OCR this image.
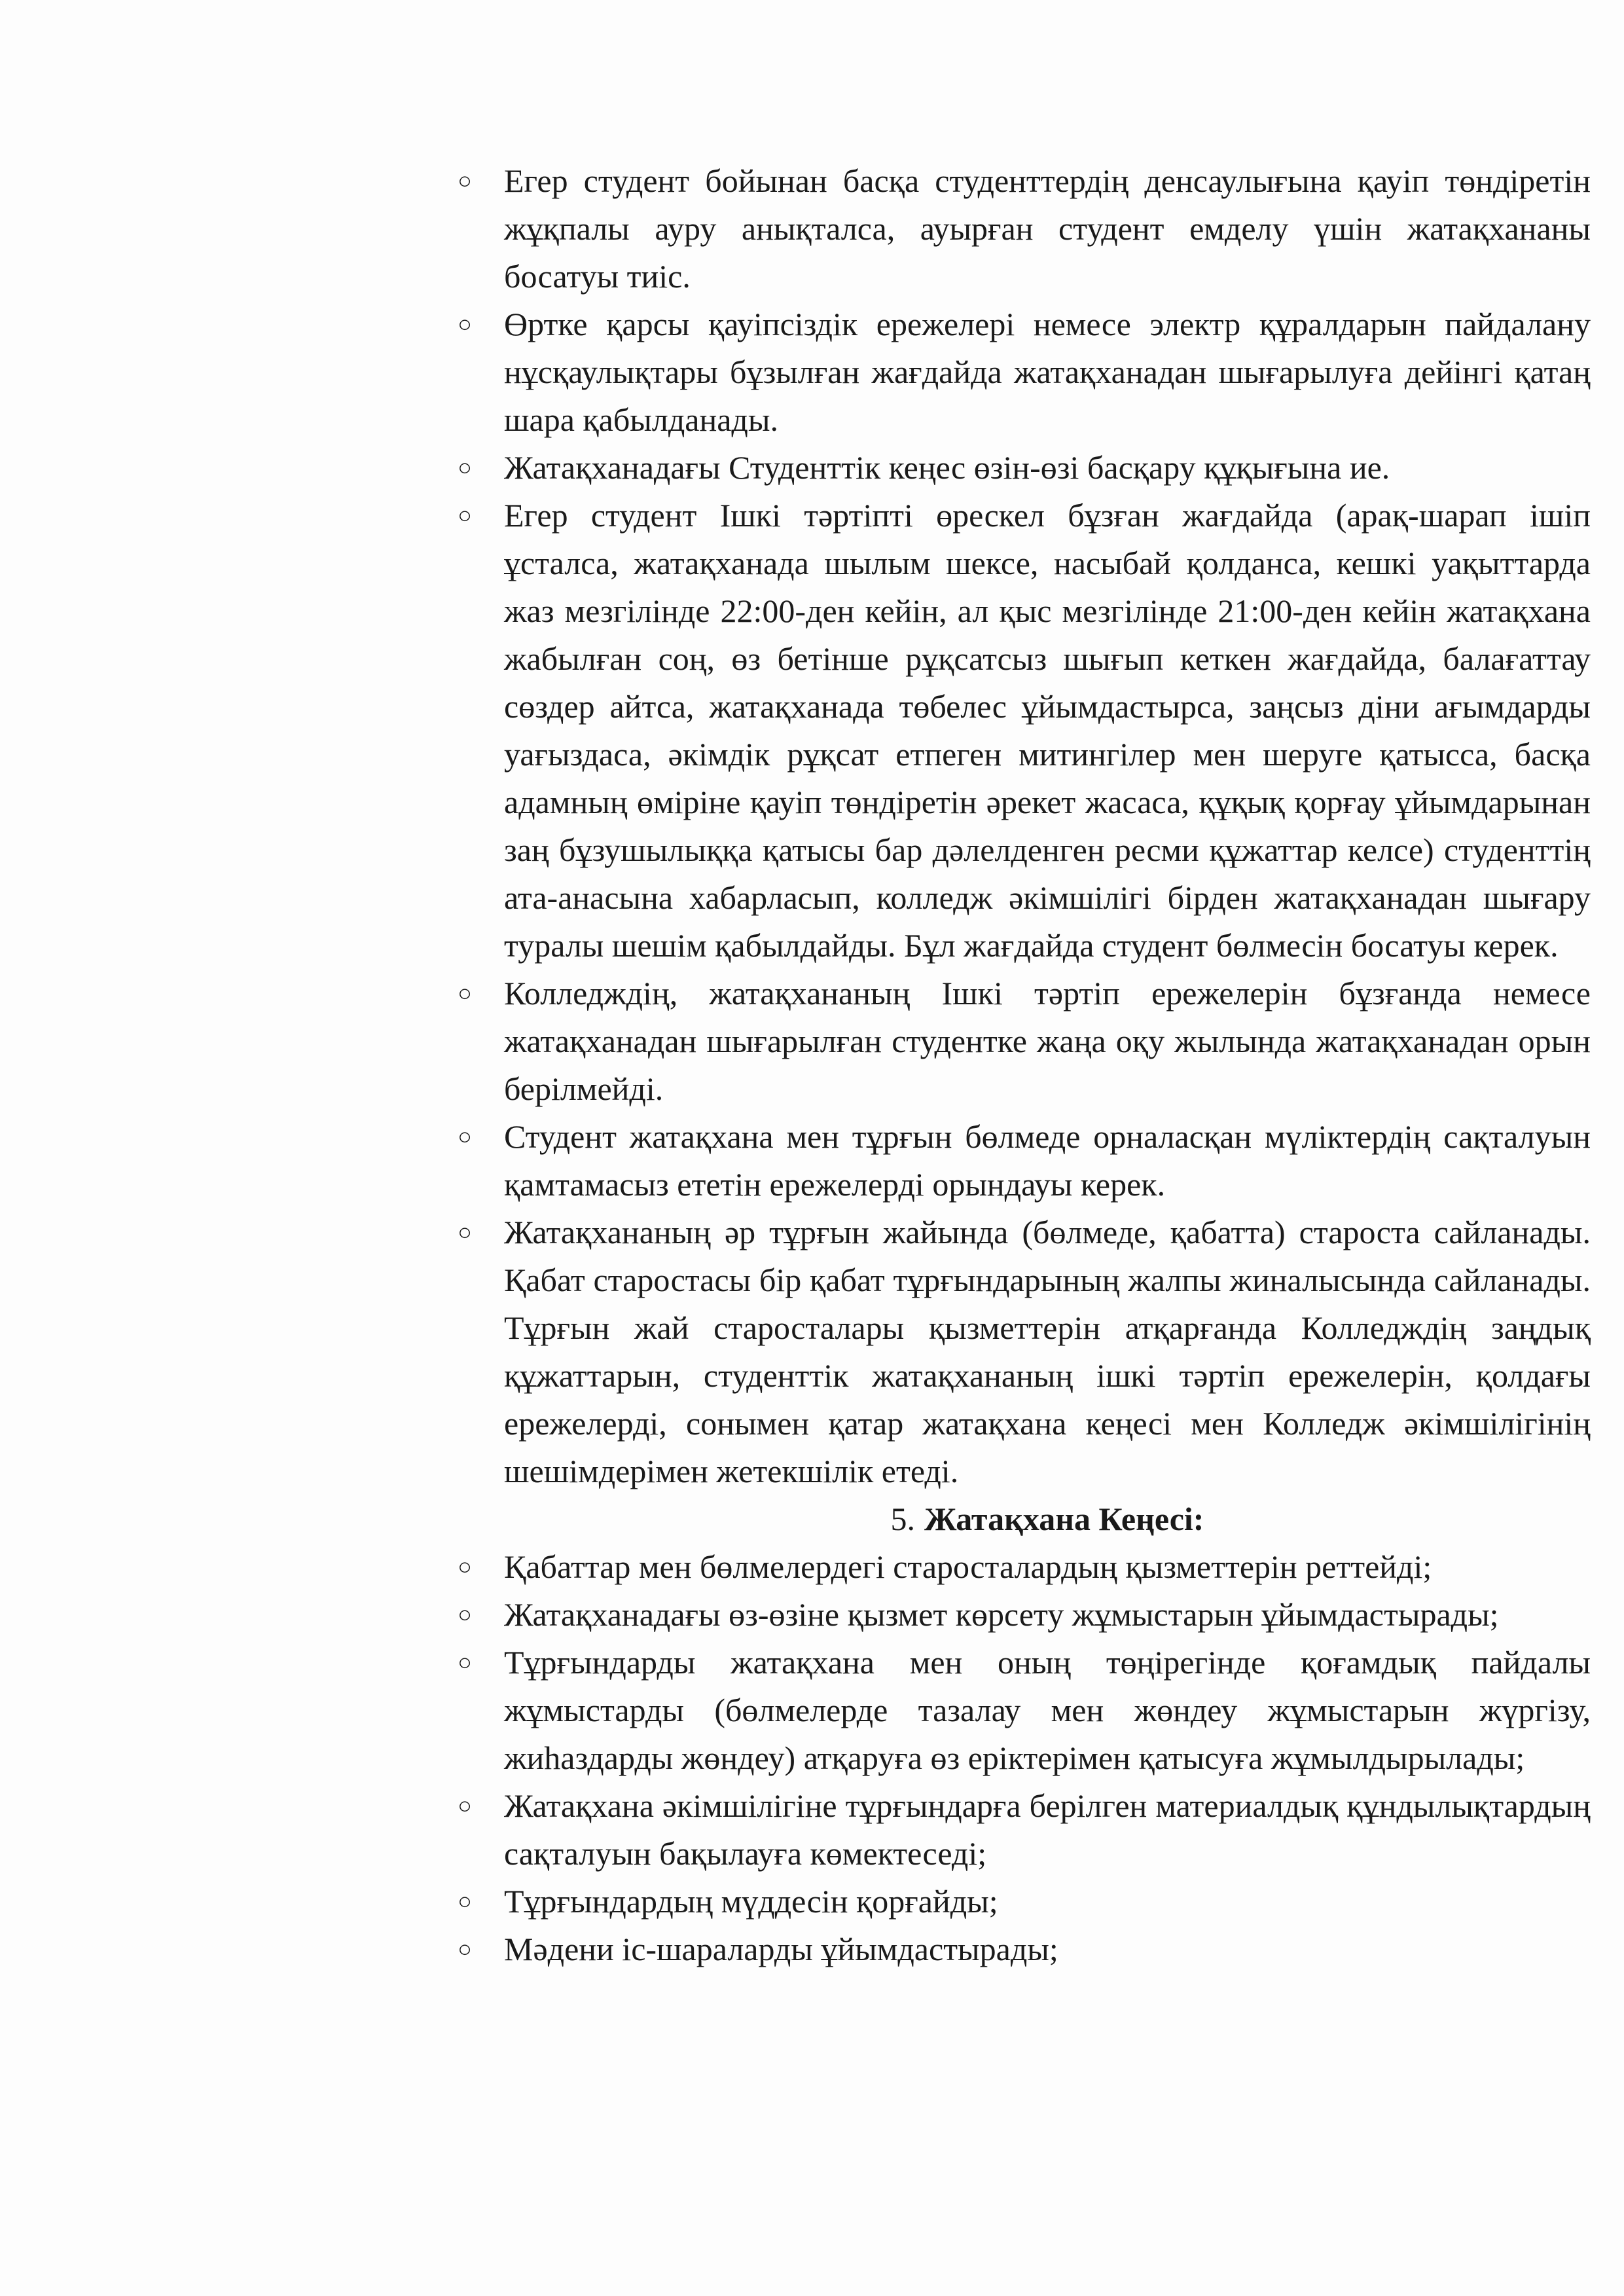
○ Егер студент бойынан басқа студенттердің денсаулығына қауіп төндіретін жұқпалы ауру анықталса, ауырған студент емделу үшін жатақхананы босатуы тиіс.
○ Өртке қарсы қауіпсіздік ережелері немесе электр құралдарын пайдалану нұсқаулықтары бұзылған жағдайда жатақханадан шығарылуға дейінгі қатаң шара қабылданады.
○ Жатақханадағы Студенттік кеңес өзін-өзі басқару құқығына ие.
○ Егер студент Ішкі тәртіпті өрескел бұзған жағдайда (арақ-шарап ішіп ұсталса, жатақханада шылым шексе, насыбай қолданса, кешкі уақыттарда жаз мезгілінде 22:00-ден кейін, ал қыс мезгілінде 21:00-ден кейін жатақхана жабылған соң, өз бетінше рұқсатсыз шығып кеткен жағдайда, балағаттау сөздер айтса, жатақханада төбелес ұйымдастырса, заңсыз діни ағымдарды уағыздаса, әкімдік рұқсат етпеген митингілер мен шеруге қатысса, басқа адамның өміріне қауіп төндіретін әрекет жасаса, құқық қорғау ұйымдарынан заң бұзушылыққа қатысы бар дәлелденген ресми құжаттар келсе) студенттің ата-анасына хабарласып, колледж әкімшілігі бірден жатақханадан шығару туралы шешім қабылдайды. Бұл жағдайда студент бөлмесін босатуы керек.
○ Колледждің, жатақхананың Ішкі тәртіп ережелерін бұзғанда немесе жатақханадан шығарылған студентке жаңа оқу жылында жатақханадан орын берілмейді.
○ Студент жатақхана мен тұрғын бөлмеде орналасқан мүліктердің сақталуын қамтамасыз ететін ережелерді орындауы керек.
○ Жатақхананың әр тұрғын жайында (бөлмеде, қабатта) староста сайланады. Қабат старостасы бір қабат тұрғындарының жалпы жиналысында сайланады. Тұрғын жай старосталары қызметтерін атқарғанда Колледждің заңдық құжаттарын, студенттік жатақхананың ішкі тәртіп ережелерін, қолдағы ережелерді, сонымен қатар жатақхана кеңесі мен Колледж әкімшілігінің шешімдерімен жетекшілік етеді.
5. Жатақхана Кеңесі:
○ Қабаттар мен бөлмелердегі старосталардың қызметтерін реттейді;
○ Жатақханадағы өз-өзіне қызмет көрсету жұмыстарын ұйымдастырады;
○ Тұрғындарды жатақхана мен оның төңірегінде қоғамдық пайдалы жұмыстарды (бөлмелерде тазалау мен жөндеу жұмыстарын жүргізу, жиһаздарды жөндеу) атқаруға өз еріктерімен қатысуға жұмылдырылады;
○ Жатақхана әкімшілігіне тұрғындарға берілген материалдық құндылықтардың сақталуын бақылауға көмектеседі;
○ Тұрғындардың мүддесін қорғайды;
○ Мәдени іс-шараларды ұйымдастырады;
